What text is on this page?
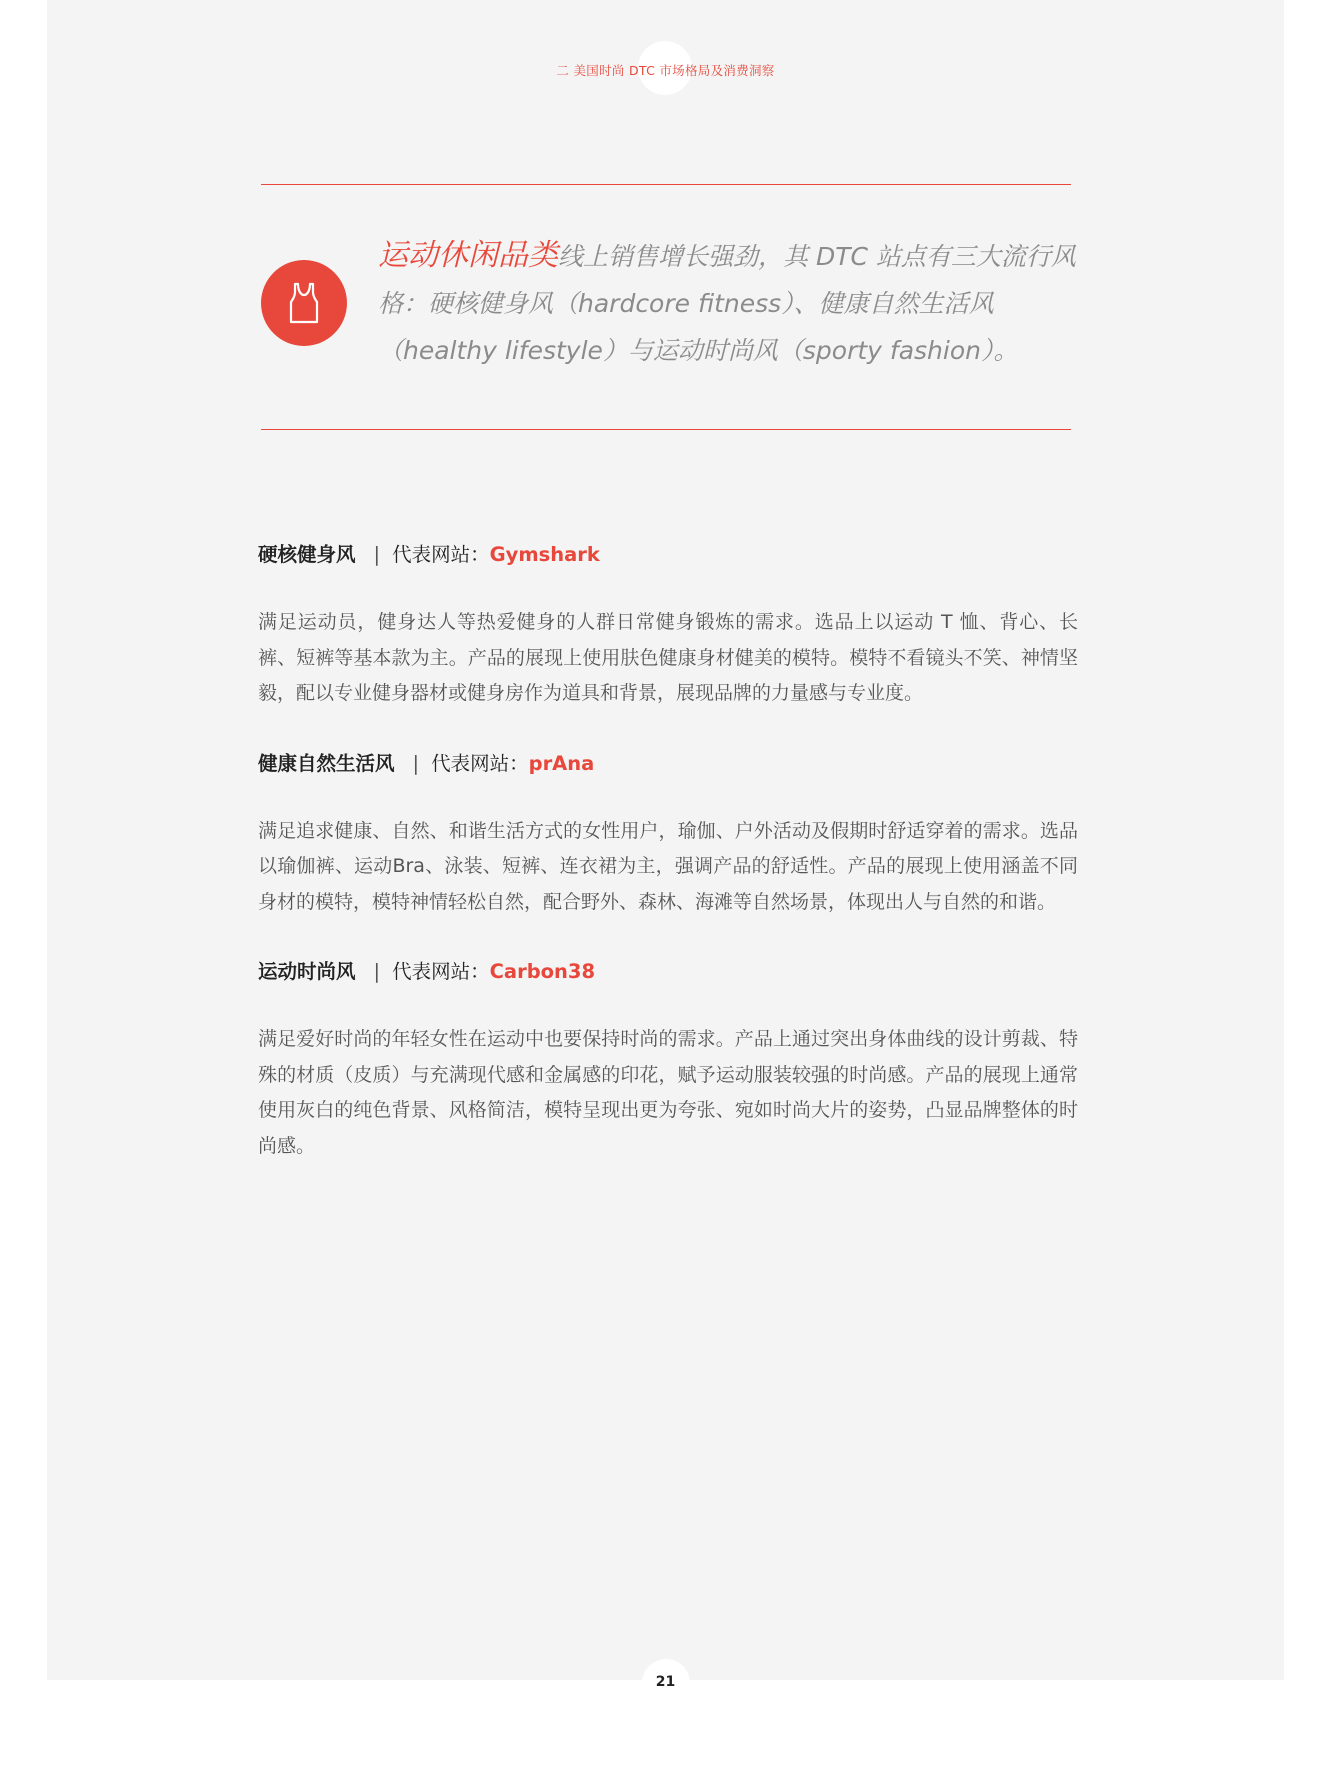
二 美国时尚 DTC 市场格局及消费洞察
运动休闲品类线上销售增长强劲，其 DTC 站点有三大流行风格：硬核健身风（hardcore fitness）、健康自然生活风（healthy lifestyle）与运动时尚风（sporty fashion）。
硬核健身风 | 代表网站：Gymshark

满足运动员，健身达人等热爱健身的人群日常健身锻炼的需求。选品上以运动 T 恤、背心、长裤、短裤等基本款为主。产品的展现上使用肤色健康身材健美的模特。模特不看镜头不笑、神情坚毅，配以专业健身器材或健身房作为道具和背景，展现品牌的力量感与专业度。

健康自然生活风 | 代表网站：prAna

满足追求健康、自然、和谐生活方式的女性用户，瑜伽、户外活动及假期时舒适穿着的需求。选品以瑜伽裤、运动Bra、泳装、短裤、连衣裙为主，强调产品的舒适性。产品的展现上使用涵盖不同身材的模特，模特神情轻松自然，配合野外、森林、海滩等自然场景，体现出人与自然的和谐。

运动时尚风 | 代表网站：Carbon38

满足爱好时尚的年轻女性在运动中也要保持时尚的需求。产品上通过突出身体曲线的设计剪裁、特殊的材质（皮质）与充满现代感和金属感的印花，赋予运动服装较强的时尚感。产品的展现上通常使用灰白的纯色背景、风格简洁，模特呈现出更为夸张、宛如时尚大片的姿势，凸显品牌整体的时尚感。

21
